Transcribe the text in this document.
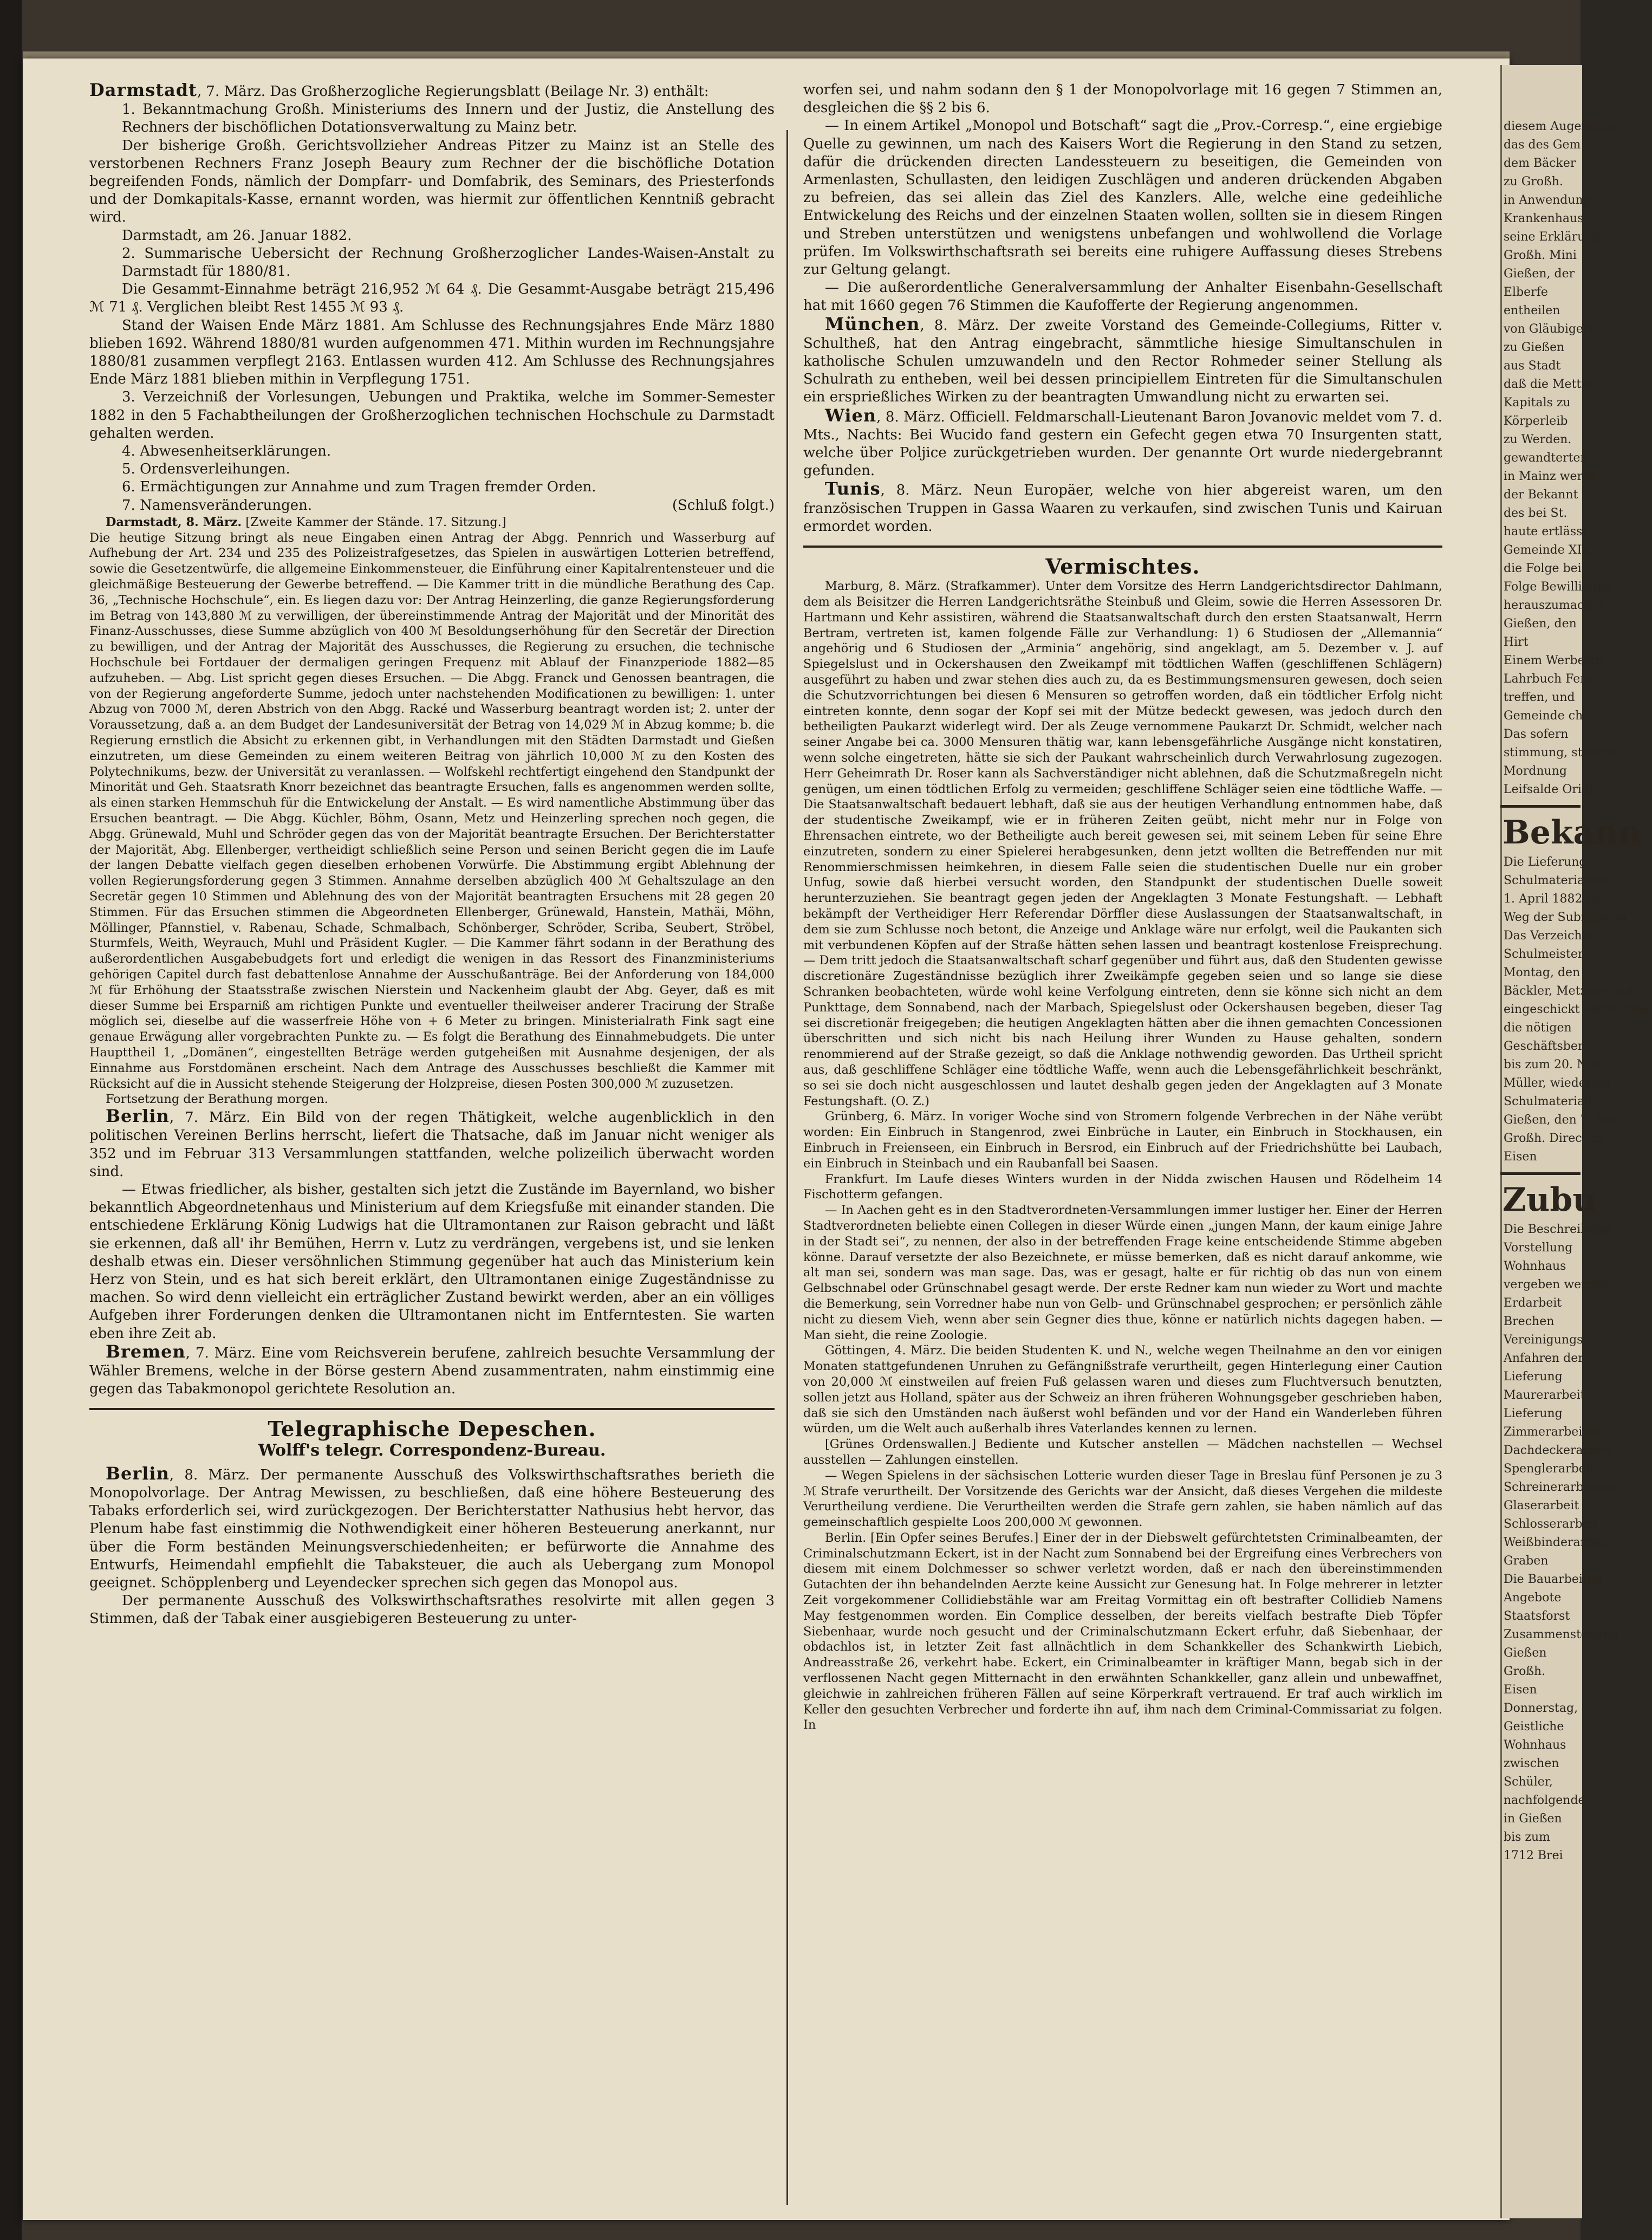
Darmstadt, 7. März. Das Großherzogliche Regierungsblatt (Beilage Nr. 3) enthält:

1. Bekanntmachung Großh. Ministeriums des Innern und der Justiz, die Anstellung des Rechners der bischöflichen Dotationsverwaltung zu Mainz betr.

Der bisherige Großh. Gerichtsvollzieher Andreas Pitzer zu Mainz ist an Stelle des verstorbenen Rechners Franz Joseph Beaury zum Rechner der die bischöfliche Dotation begreifenden Fonds, nämlich der Dompfarr- und Domfabrik, des Seminars, des Priesterfonds und der Domkapitals-Kasse, ernannt worden, was hiermit zur öffentlichen Kenntniß gebracht wird.

Darmstadt, am 26. Januar 1882.

2. Summarische Uebersicht der Rechnung Großherzoglicher Landes-Waisen-Anstalt zu Darmstadt für 1880/81.

Die Gesammt-Einnahme beträgt 216,952 ℳ 64 ₰. Die Gesammt-Ausgabe beträgt 215,496 ℳ 71 ₰. Verglichen bleibt Rest 1455 ℳ 93 ₰.

Stand der Waisen Ende März 1881. Am Schlusse des Rechnungsjahres Ende März 1880 blieben 1692. Während 1880/81 wurden aufgenommen 471. Mithin wurden im Rechnungsjahre 1880/81 zusammen verpflegt 2163. Entlassen wurden 412. Am Schlusse des Rechnungsjahres Ende März 1881 blieben mithin in Verpflegung 1751.

3. Verzeichniß der Vorlesungen, Uebungen und Praktika, welche im Sommer-Semester 1882 in den 5 Fachabtheilungen der Großherzoglichen technischen Hochschule zu Darmstadt gehalten werden.

4. Abwesenheitserklärungen.

5. Ordensverleihungen.

6. Ermächtigungen zur Annahme und zum Tragen fremder Orden.

7. Namensveränderungen.	(Schluß folgt.)

Darmstadt, 8. März. [Zweite Kammer der Stände. 17. Sitzung.]

Die heutige Sitzung bringt als neue Eingaben einen Antrag der Abgg. Pennrich und Wasserburg auf Aufhebung der Art. 234 und 235 des Polizeistrafgesetzes, das Spielen in auswärtigen Lotterien betreffend, sowie die Gesetzentwürfe, die allgemeine Einkommensteuer, die Einführung einer Kapitalrentensteuer und die gleichmäßige Besteuerung der Gewerbe betreffend. — Die Kammer tritt in die mündliche Berathung des Cap. 36, „Technische Hochschule“, ein. Es liegen dazu vor: Der Antrag Heinzerling, die ganze Regierungsforderung im Betrag von 143,880 ℳ zu verwilligen, der übereinstimmende Antrag der Majorität und der Minorität des Finanz-Ausschusses, diese Summe abzüglich von 400 ℳ Besoldungserhöhung für den Secretär der Direction zu bewilligen, und der Antrag der Majorität des Ausschusses, die Regierung zu ersuchen, die technische Hochschule bei Fortdauer der dermaligen geringen Frequenz mit Ablauf der Finanzperiode 1882—85 aufzuheben. — Abg. List spricht gegen dieses Ersuchen. — Die Abgg. Franck und Genossen beantragen, die von der Regierung angeforderte Summe, jedoch unter nachstehenden Modificationen zu bewilligen: 1. unter Abzug von 7000 ℳ, deren Abstrich von den Abgg. Racké und Wasserburg beantragt worden ist; 2. unter der Voraussetzung, daß a. an dem Budget der Landesuniversität der Betrag von 14,029 ℳ in Abzug komme; b. die Regierung ernstlich die Absicht zu erkennen gibt, in Verhandlungen mit den Städten Darmstadt und Gießen einzutreten, um diese Gemeinden zu einem weiteren Beitrag von jährlich 10,000 ℳ zu den Kosten des Polytechnikums, bezw. der Universität zu veranlassen. — Wolfskehl rechtfertigt eingehend den Standpunkt der Minorität und Geh. Staatsrath Knorr bezeichnet das beantragte Ersuchen, falls es angenommen werden sollte, als einen starken Hemmschuh für die Entwickelung der Anstalt. — Es wird namentliche Abstimmung über das Ersuchen beantragt. — Die Abgg. Küchler, Böhm, Osann, Metz und Heinzerling sprechen noch gegen, die Abgg. Grünewald, Muhl und Schröder gegen das von der Majorität beantragte Ersuchen. Der Berichterstatter der Majorität, Abg. Ellenberger, vertheidigt schließlich seine Person und seinen Bericht gegen die im Laufe der langen Debatte vielfach gegen dieselben erhobenen Vorwürfe. Die Abstimmung ergibt Ablehnung der vollen Regierungsforderung gegen 3 Stimmen. Annahme derselben abzüglich 400 ℳ Gehaltszulage an den Secretär gegen 10 Stimmen und Ablehnung des von der Majorität beantragten Ersuchens mit 28 gegen 20 Stimmen. Für das Ersuchen stimmen die Abgeordneten Ellenberger, Grünewald, Hanstein, Mathäi, Möhn, Möllinger, Pfannstiel, v. Rabenau, Schade, Schmalbach, Schönberger, Schröder, Scriba, Seubert, Ströbel, Sturmfels, Weith, Weyrauch, Muhl und Präsident Kugler. — Die Kammer fährt sodann in der Berathung des außerordentlichen Ausgabebudgets fort und erledigt die wenigen in das Ressort des Finanzministeriums gehörigen Capitel durch fast debattenlose Annahme der Ausschußanträge. Bei der Anforderung von 184,000 ℳ für Erhöhung der Staatsstraße zwischen Nierstein und Nackenheim glaubt der Abg. Geyer, daß es mit dieser Summe bei Ersparniß am richtigen Punkte und eventueller theilweiser anderer Tracirung der Straße möglich sei, dieselbe auf die wasserfreie Höhe von + 6 Meter zu bringen. Ministerialrath Fink sagt eine genaue Erwägung aller vorgebrachten Punkte zu. — Es folgt die Berathung des Einnahmebudgets. Die unter Haupttheil 1, „Domänen“, eingestellten Beträge werden gutgeheißen mit Ausnahme desjenigen, der als Einnahme aus Forstdomänen erscheint. Nach dem Antrage des Ausschusses beschließt die Kammer mit Rücksicht auf die in Aussicht stehende Steigerung der Holzpreise, diesen Posten 300,000 ℳ zuzusetzen.

Fortsetzung der Berathung morgen.

Berlin, 7. März. Ein Bild von der regen Thätigkeit, welche augenblicklich in den politischen Vereinen Berlins herrscht, liefert die Thatsache, daß im Januar nicht weniger als 352 und im Februar 313 Versammlungen stattfanden, welche polizeilich überwacht worden sind.

— Etwas friedlicher, als bisher, gestalten sich jetzt die Zustände im Bayernland, wo bisher bekanntlich Abgeordnetenhaus und Ministerium auf dem Kriegsfuße mit einander standen. Die entschiedene Erklärung König Ludwigs hat die Ultramontanen zur Raison gebracht und läßt sie erkennen, daß all' ihr Bemühen, Herrn v. Lutz zu verdrängen, vergebens ist, und sie lenken deshalb etwas ein. Dieser versöhnlichen Stimmung gegenüber hat auch das Ministerium kein Herz von Stein, und es hat sich bereit erklärt, den Ultramontanen einige Zugeständnisse zu machen. So wird denn vielleicht ein erträglicher Zustand bewirkt werden, aber an ein völliges Aufgeben ihrer Forderungen denken die Ultramontanen nicht im Entferntesten. Sie warten eben ihre Zeit ab.

Bremen, 7. März. Eine vom Reichsverein berufene, zahlreich besuchte Versammlung der Wähler Bremens, welche in der Börse gestern Abend zusammentraten, nahm einstimmig eine gegen das Tabakmonopol gerichtete Resolution an.

Telegraphische Depeschen.
Wolff's telegr. Correspondenz-Bureau.

Berlin, 8. März. Der permanente Ausschuß des Volkswirthschaftsrathes berieth die Monopolvorlage. Der Antrag Mewissen, zu beschließen, daß eine höhere Besteuerung des Tabaks erforderlich sei, wird zurückgezogen. Der Berichterstatter Nathusius hebt hervor, das Plenum habe fast einstimmig die Nothwendigkeit einer höheren Besteuerung anerkannt, nur über die Form beständen Meinungsverschiedenheiten; er befürworte die Annahme des Entwurfs, Heimendahl empfiehlt die Tabaksteuer, die auch als Uebergang zum Monopol geeignet. Schöpplenberg und Leyendecker sprechen sich gegen das Monopol aus.

Der permanente Ausschuß des Volkswirthschaftsrathes resolvirte mit allen gegen 3 Stimmen, daß der Tabak einer ausgiebigeren Besteuerung zu unter-

worfen sei, und nahm sodann den § 1 der Monopolvorlage mit 16 gegen 7 Stimmen an, desgleichen die §§ 2 bis 6.

— In einem Artikel „Monopol und Botschaft“ sagt die „Prov.-Corresp.“, eine ergiebige Quelle zu gewinnen, um nach des Kaisers Wort die Regierung in den Stand zu setzen, dafür die drückenden directen Landessteuern zu beseitigen, die Gemeinden von Armenlasten, Schullasten, den leidigen Zuschlägen und anderen drückenden Abgaben zu befreien, das sei allein das Ziel des Kanzlers. Alle, welche eine gedeihliche Entwickelung des Reichs und der einzelnen Staaten wollen, sollten sie in diesem Ringen und Streben unterstützen und wenigstens unbefangen und wohlwollend die Vorlage prüfen. Im Volkswirthschaftsrath sei bereits eine ruhigere Auffassung dieses Strebens zur Geltung gelangt.

— Die außerordentliche Generalversammlung der Anhalter Eisenbahn-Gesellschaft hat mit 1660 gegen 76 Stimmen die Kaufofferte der Regierung angenommen.

München, 8. März. Der zweite Vorstand des Gemeinde-Collegiums, Ritter v. Schultheß, hat den Antrag eingebracht, sämmtliche hiesige Simultanschulen in katholische Schulen umzuwandeln und den Rector Rohmeder seiner Stellung als Schulrath zu entheben, weil bei dessen principiellem Eintreten für die Simultanschulen ein ersprießliches Wirken zu der beantragten Umwandlung nicht zu erwarten sei.

Wien, 8. März. Officiell. Feldmarschall-Lieutenant Baron Jovanovic meldet vom 7. d. Mts., Nachts: Bei Wucido fand gestern ein Gefecht gegen etwa 70 Insurgenten statt, welche über Poljice zurückgetrieben wurden. Der genannte Ort wurde niedergebrannt gefunden.

Tunis, 8. März. Neun Europäer, welche von hier abgereist waren, um den französischen Truppen in Gassa Waaren zu verkaufen, sind zwischen Tunis und Kairuan ermordet worden.

Vermischtes.

Marburg, 8. März. (Strafkammer). Unter dem Vorsitze des Herrn Landgerichtsdirector Dahlmann, dem als Beisitzer die Herren Landgerichtsräthe Steinbuß und Gleim, sowie die Herren Assessoren Dr. Hartmann und Kehr assistiren, während die Staatsanwaltschaft durch den ersten Staatsanwalt, Herrn Bertram, vertreten ist, kamen folgende Fälle zur Verhandlung: 1) 6 Studiosen der „Allemannia“ angehörig und 6 Studiosen der „Arminia“ angehörig, sind angeklagt, am 5. Dezember v. J. auf Spiegelslust und in Ockershausen den Zweikampf mit tödtlichen Waffen (geschliffenen Schlägern) ausgeführt zu haben und zwar stehen dies auch zu, da es Bestimmungsmensuren gewesen, doch seien die Schutzvorrichtungen bei diesen 6 Mensuren so getroffen worden, daß ein tödtlicher Erfolg nicht eintreten konnte, denn sogar der Kopf sei mit der Mütze bedeckt gewesen, was jedoch durch den betheiligten Paukarzt widerlegt wird. Der als Zeuge vernommene Paukarzt Dr. Schmidt, welcher nach seiner Angabe bei ca. 3000 Mensuren thätig war, kann lebensgefährliche Ausgänge nicht konstatiren, wenn solche eingetreten, hätte sie sich der Paukant wahrscheinlich durch Verwahrlosung zugezogen. Herr Geheimrath Dr. Roser kann als Sachverständiger nicht ablehnen, daß die Schutzmaßregeln nicht genügen, um einen tödtlichen Erfolg zu vermeiden; geschliffene Schläger seien eine tödtliche Waffe. — Die Staatsanwaltschaft bedauert lebhaft, daß sie aus der heutigen Verhandlung entnommen habe, daß der studentische Zweikampf, wie er in früheren Zeiten geübt, nicht mehr nur in Folge von Ehrensachen eintrete, wo der Betheiligte auch bereit gewesen sei, mit seinem Leben für seine Ehre einzutreten, sondern zu einer Spielerei herabgesunken, denn jetzt wollten die Betreffenden nur mit Renommierschmissen heimkehren, in diesem Falle seien die studentischen Duelle nur ein grober Unfug, sowie daß hierbei versucht worden, den Standpunkt der studentischen Duelle soweit herunterzuziehen. Sie beantragt gegen jeden der Angeklagten 3 Monate Festungshaft. — Lebhaft bekämpft der Vertheidiger Herr Referendar Dörffler diese Auslassungen der Staatsanwaltschaft, in dem sie zum Schlusse noch betont, die Anzeige und Anklage wäre nur erfolgt, weil die Paukanten sich mit verbundenen Köpfen auf der Straße hätten sehen lassen und beantragt kostenlose Freisprechung. — Dem tritt jedoch die Staatsanwaltschaft scharf gegenüber und führt aus, daß den Studenten gewisse discretionäre Zugeständnisse bezüglich ihrer Zweikämpfe gegeben seien und so lange sie diese Schranken beobachteten, würde wohl keine Verfolgung eintreten, denn sie könne sich nicht an dem Punkttage, dem Sonnabend, nach der Marbach, Spiegelslust oder Ockershausen begeben, dieser Tag sei discretionär freigegeben; die heutigen Angeklagten hätten aber die ihnen gemachten Concessionen überschritten und sich nicht bis nach Heilung ihrer Wunden zu Hause gehalten, sondern renommierend auf der Straße gezeigt, so daß die Anklage nothwendig geworden. Das Urtheil spricht aus, daß geschliffene Schläger eine tödtliche Waffe, wenn auch die Lebensgefährlichkeit beschränkt, so sei sie doch nicht ausgeschlossen und lautet deshalb gegen jeden der Angeklagten auf 3 Monate Festungshaft. (O. Z.)

Grünberg, 6. März. In voriger Woche sind von Stromern folgende Verbrechen in der Nähe verübt worden: Ein Einbruch in Stangenrod, zwei Einbrüche in Lauter, ein Einbruch in Stockhausen, ein Einbruch in Freienseen, ein Einbruch in Bersrod, ein Einbruch auf der Friedrichshütte bei Laubach, ein Einbruch in Steinbach und ein Raubanfall bei Saasen.

Frankfurt. Im Laufe dieses Winters wurden in der Nidda zwischen Hausen und Rödelheim 14 Fischotterm gefangen.

— In Aachen geht es in den Stadtverordneten-Versammlungen immer lustiger her. Einer der Herren Stadtverordneten beliebte einen Collegen in dieser Würde einen „jungen Mann, der kaum einige Jahre in der Stadt sei“, zu nennen, der also in der betreffenden Frage keine entscheidende Stimme abgeben könne. Darauf versetzte der also Bezeichnete, er müsse bemerken, daß es nicht darauf ankomme, wie alt man sei, sondern was man sage. Das, was er gesagt, halte er für richtig ob das nun von einem Gelbschnabel oder Grünschnabel gesagt werde. Der erste Redner kam nun wieder zu Wort und machte die Bemerkung, sein Vorredner habe nun von Gelb- und Grünschnabel gesprochen; er persönlich zähle nicht zu diesem Vieh, wenn aber sein Gegner dies thue, könne er natürlich nichts dagegen haben. — Man sieht, die reine Zoologie.

Göttingen, 4. März. Die beiden Studenten K. und N., welche wegen Theilnahme an den vor einigen Monaten stattgefundenen Unruhen zu Gefängnißstrafe verurtheilt, gegen Hinterlegung einer Caution von 20,000 ℳ einstweilen auf freien Fuß gelassen waren und dieses zum Fluchtversuch benutzten, sollen jetzt aus Holland, später aus der Schweiz an ihren früheren Wohnungsgeber geschrieben haben, daß sie sich den Umständen nach äußerst wohl befänden und vor der Hand ein Wanderleben führen würden, um die Welt auch außerhalb ihres Vaterlandes kennen zu lernen.

[Grünes Ordenswallen.] Bediente und Kutscher anstellen — Mädchen nachstellen — Wechsel ausstellen — Zahlungen einstellen.

— Wegen Spielens in der sächsischen Lotterie wurden dieser Tage in Breslau fünf Personen je zu 3 ℳ Strafe verurtheilt. Der Vorsitzende des Gerichts war der Ansicht, daß dieses Vergehen die mildeste Verurtheilung verdiene. Die Verurtheilten werden die Strafe gern zahlen, sie haben nämlich auf das gemeinschaftlich gespielte Loos 200,000 ℳ gewonnen.

Berlin. [Ein Opfer seines Berufes.] Einer der in der Diebswelt gefürchtetsten Criminalbeamten, der Criminalschutzmann Eckert, ist in der Nacht zum Sonnabend bei der Ergreifung eines Verbrechers von diesem mit einem Dolchmesser so schwer verletzt worden, daß er nach den übereinstimmenden Gutachten der ihn behandelnden Aerzte keine Aussicht zur Genesung hat. In Folge mehrerer in letzter Zeit vorgekommener Collidiebstähle war am Freitag Vormittag ein oft bestrafter Collidieb Namens May festgenommen worden. Ein Complice desselben, der bereits vielfach bestrafte Dieb Töpfer Siebenhaar, wurde noch gesucht und der Criminalschutzmann Eckert erfuhr, daß Siebenhaar, der obdachlos ist, in letzter Zeit fast allnächtlich in dem Schankkeller des Schankwirth Liebich, Andreasstraße 26, verkehrt habe. Eckert, ein Criminalbeamter in kräftiger Mann, begab sich in der verflossenen Nacht gegen Mitternacht in den erwähnten Schankkeller, ganz allein und unbewaffnet, gleichwie in zahlreichen früheren Fällen auf seine Körperkraft vertrauend. Er traf auch wirklich im Keller den gesuchten Verbrecher und forderte ihn auf, ihm nach dem Criminal-Commissariat zu folgen. In

diesem Augenblick
das des Gem
dem Bäcker
zu Großh.
in Anwendung
Krankenhaus
seine Erklärung
Großh. Mini
Gießen, der
Elberfe
entheilen
von Gläubigern
zu Gießen
aus Stadt
daß die Mettin
Kapitals zu
Körperleib
zu Werden.
gewandterten
in Mainz werde
der Bekannt
des bei St.
haute ertlässt
Gemeinde XIV.
die Folge bei
Folge Bewilligung
herauszumachen
Gießen, den
Hirt
Einem Werbeich
Lahrbuch Ferm
treffen, und
Gemeinde ch
Das sofern
stimmung, stammt
Mordnung
Leifsalde Origi
Bekann
Die Lieferung
Schulmaterialien
1. April 1882 ist
Weg der Submission
Das Verzeichn
Schulmeistere
Montag, den
Bäckler, Metzger und
eingeschickt verzeichnis
die nötigen
Geschäftsber
bis zum 20. Nov
Müller, wiederum
Schulmateriali
Gießen, den 7. Ma
Großh. Direction
Eisen
Zubu
Die Beschreibung
Vorstellung
Wohnhaus
vergeben werden
Erdarbeit
Brechen
Vereinigungs
Anfahren der
Lieferung
Maurerarbeit
Lieferung
Zimmerarbeiten
Dachdeckerarbeit
Spenglerarbeit
Schreinerarbeiten
Glaserarbeit
Schlosserarbeit
Weißbinderarbeit
Graben
Die Bauarbeiten
Angebote
Staatsforst
Zusammenstellung
Gießen
Großh.
Eisen
Donnerstag,
Geistliche
Wohnhaus
zwischen
Schüler,
nachfolgende
in Gießen
bis zum
1712 Brei
